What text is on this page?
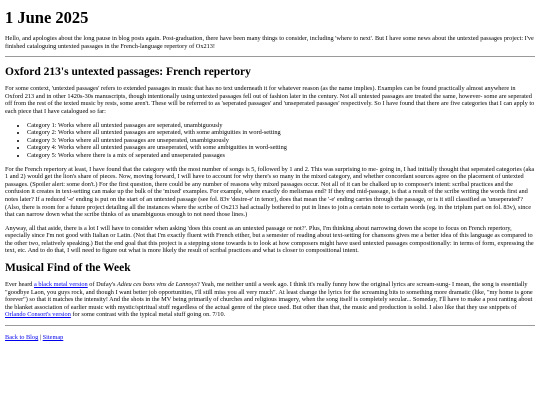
1 June 2025

Hello, and apologies about the long pause in blog posts again. Post-graduation, there have been many things to consider, including 'where to next'. But I have some news about the untexted passages project: I've finished cataloguing untexted passages in the French-language repertory of Ox213!

Oxford 213's untexted passages: French repertory

For some context, 'untexted passages' refers to extended passages in music that has no text underneath it for whatever reason (as the name implies). Examples can be found practically almost anywhere in Oxford 213 and in other 1420s-30s manuscripts, though intentionally using untexted passages fell out of fashion later in the century. Not all untexted passages are treated the same, however- some are seperated off from the rest of the texted music by rests, some aren't. These will be referred to as 'seperated passages' and 'unseperated passages' respectively. So I have found that there are five categories that I can apply to each piece that I have catalogued so far:

• Category 1: Works where all untexted passages are seperated, unambiguously
• Category 2: Works where all untexted passages are seperated, with some ambiguities in word-setting
• Category 3: Works where all untexted passages are unseperated, unambiguously
• Category 4: Works where all untexted passages are unseperated, with some ambiguities in word-setting
• Category 5: Works where there is a mix of seperated and unseperated passages

For the French repertory at least, I have found that the category with the most number of songs is 5, followed by 1 and 2. This was surprising to me- going in, I had initially thought that seperated categories (aka 1 and 2) would get the lion's share of pieces. Now, moving forward, I will have to account for why there's so many in the mixed category, and whether concordant sources agree on the placement of untexted passages. (Spoiler alert: some don't.) For the first question, there could be any number of reasons why mixed passages occur. Not all of it can be chalked up to composer's intent: scribal practices and the confusion it creates in text-setting can make up the bulk of the 'mixed' examples. For example, where exactly do melismas end? If they end mid-passage, is that a result of the scribe writing the words first and notes later? If a reduced '-e' ending is put on the start of an untexted passage (see fol. 83v 'desire-e' in tenor), does that mean the '-e' ending carries through the passage, or is it still classified as 'unseperated'? (Also, there is room for a future project detailing all the instances where the scribe of Ox213 had actually bothered to put in lines to join a certain note to certain words (eg. in the triplum part on fol. 83v), since that can narrow down what the scribe thinks of as unambiguous enough to not need those lines.)

Anyway, all that aside, there is a lot I will have to consider when asking 'does this count as an untexted passage or not?'. Plus, I'm thinking about narrowing down the scope to focus on French repertory, especially since I'm not good with Italian or Latin. (Not that I'm exactly fluent with French either, but a semester of reading about text-setting for chansons gives me a better idea of this language as compared to the other two, relatively speaking.) But the end goal that this project is a stepping stone towards is to look at how composers might have used untexted passages compositionally: in terms of form, expressing the text, etc. And to do that, I will need to figure out what is more likely the result of scribal practices and what is closer to compositional intent.

Musical Find of the Week

Ever heard a black metal version of Dufay's Adieu ces bons vins de Lannoys? Yeah, me neither until a week ago. I think it's really funny how the original lyrics are scream-sung- I mean, the song is essentially "goodbye Laon, you guys rock, and though I want better job opportunities, I'll still miss you all very much". At least change the lyrics for the screaming bits to something more dramatic (like, "my home is gone forever") so that it matches the intensity! And the shots in the MV being primarily of churches and religious imagery, when the song itself is completely secular... Someday, I'll have to make a post ranting about the blanket association of earlier music with mystic/spiritual stuff regardless of the actual genre of the piece used. But other than that, the music and production is solid. I also like that they use snippets of Orlando Consort's version for some contrast with the typical metal stuff going on. 7/10.

Back to Blog | Sitemap
